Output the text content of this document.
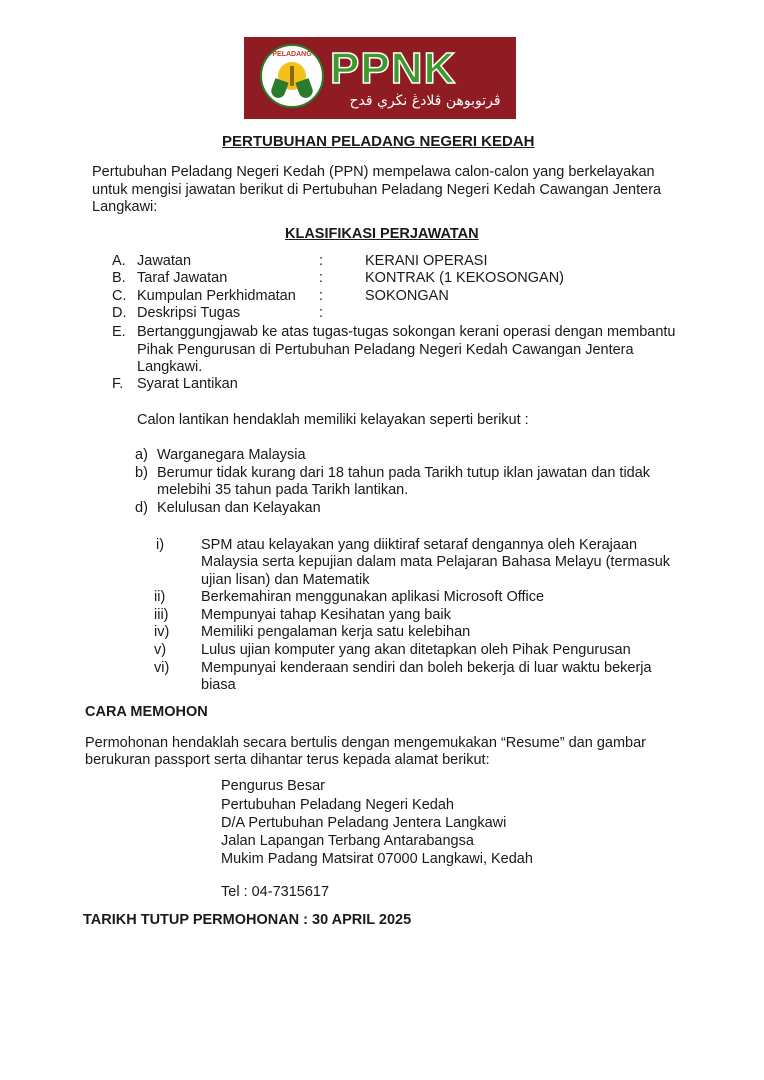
PELADANG PPNK
ڤرتوبوهن ڤلادڠ نڬري قدح
PERTUBUHAN PELADANG NEGERI KEDAH
Pertubuhan Peladang Negeri Kedah (PPN) mempelawa calon-calon yang berkelayakan
untuk mengisi jawatan berikut di Pertubuhan Peladang Negeri Kedah Cawangan Jentera
Langkawi:
KLASIFIKASI PERJAWATAN
A. Jawatan	:	KERANI OPERASI
B. Taraf Jawatan	:	KONTRAK (1 KEKOSONGAN)
C. Kumpulan Perkhidmatan :	SOKONGAN
D. Deskripsi Tugas	:
E. Bertanggungjawab ke atas tugas-tugas sokongan kerani operasi dengan membantu
Pihak Pengurusan di Pertubuhan Peladang Negeri Kedah Cawangan Jentera
Langkawi.
F. Syarat Lantikan
Calon lantikan hendaklah memiliki kelayakan seperti berikut :
a) Warganegara Malaysia
b) Berumur tidak kurang dari 18 tahun pada Tarikh tutup iklan jawatan dan tidak
melebihi 35 tahun pada Tarikh lantikan.
d) Kelulusan dan Kelayakan
i)	SPM atau kelayakan yang diiktiraf setaraf dengannya oleh Kerajaan
Malaysia serta kepujian dalam mata Pelajaran Bahasa Melayu (termasuk
ujian lisan) dan Matematik
ii) Berkemahiran menggunakan aplikasi Microsoft Office
iii) Mempunyai tahap Kesihatan yang baik
iv) Memiliki pengalaman kerja satu kelebihan
v) Lulus ujian komputer yang akan ditetapkan oleh Pihak Pengurusan
vi) Mempunyai kenderaan sendiri dan boleh bekerja di luar waktu bekerja
biasa
CARA MEMOHON
Permohonan hendaklah secara bertulis dengan mengemukakan “Resume” dan gambar
berukuran passport serta dihantar terus kepada alamat berikut:
Pengurus Besar
Pertubuhan Peladang Negeri Kedah
D/A Pertubuhan Peladang Jentera Langkawi
Jalan Lapangan Terbang Antarabangsa
Mukim Padang Matsirat 07000 Langkawi, Kedah
Tel : 04-7315617
TARIKH TUTUP PERMOHONAN : 30 APRIL 2025
